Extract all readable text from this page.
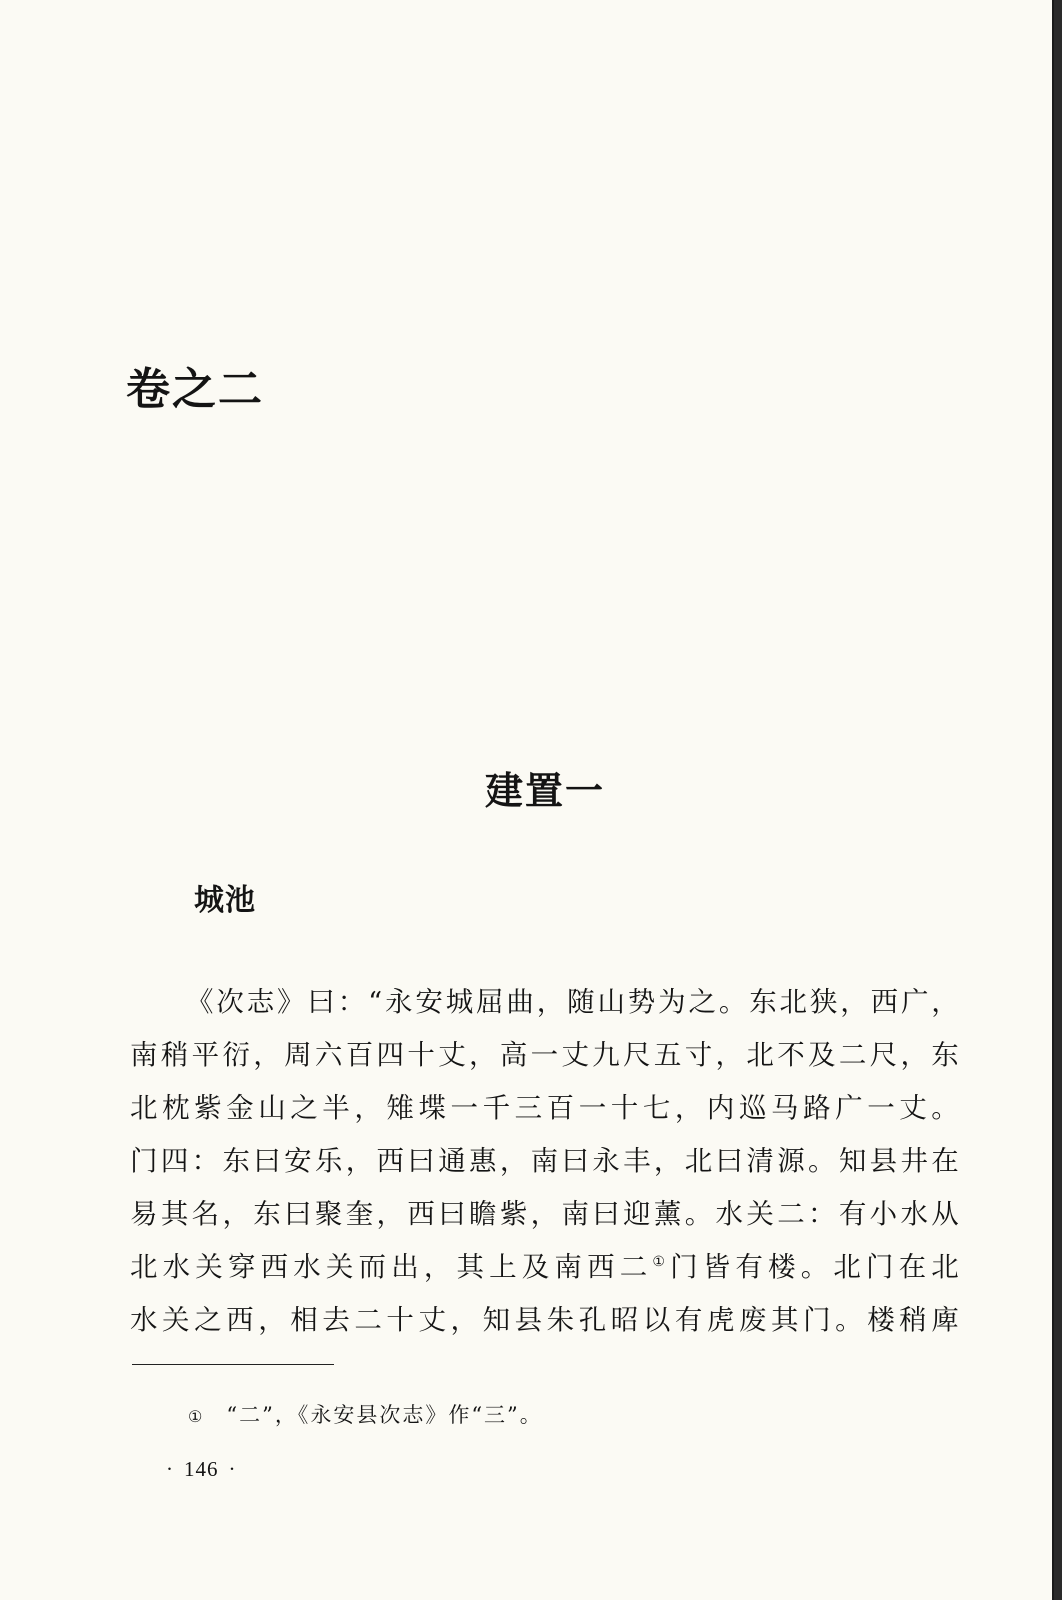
卷之二
建置一
城池
《次志》曰：“永安城屈曲，随山势为之。东北狭，西广，
南稍平衍，周六百四十丈，高一丈九尺五寸，北不及二尺，东
北枕紫金山之半，雉堞一千三百一十七，内巡马路广一丈。
门四：东曰安乐，西曰通惠，南曰永丰，北曰清源。知县井在
易其名，东曰聚奎，西曰瞻紫，南曰迎薰。水关二：有小水从
北水关穿西水关而出，其上及南西二①门皆有楼。北门在北
水关之西，相去二十丈，知县朱孔昭以有虎废其门。楼稍庳
① “二”，《永安县次志》作“三”。
· 146 ·
